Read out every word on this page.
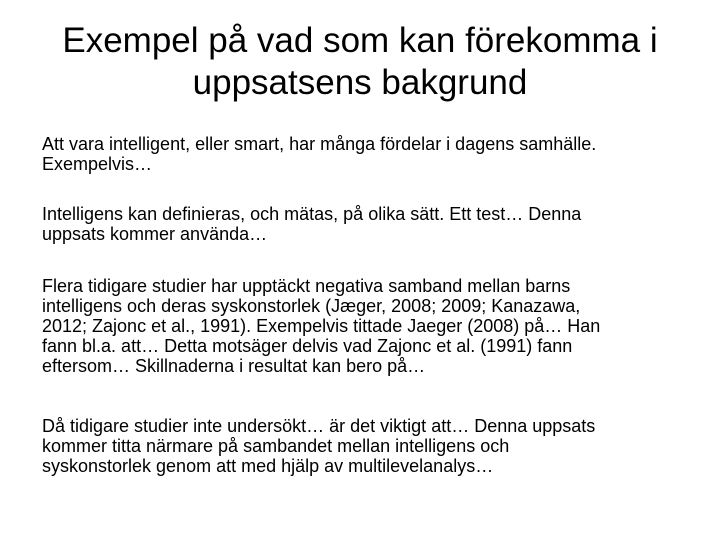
Exempel på vad som kan förekomma i
uppsatsens bakgrund

Att vara intelligent, eller smart, har många fördelar i dagens samhälle.
Exempelvis…

Intelligens kan definieras, och mätas, på olika sätt. Ett test… Denna
uppsats kommer använda…

Flera tidigare studier har upptäckt negativa samband mellan barns
intelligens och deras syskonstorlek (Jæger, 2008; 2009; Kanazawa,
2012; Zajonc et al., 1991). Exempelvis tittade Jaeger (2008) på… Han
fann bl.a. att… Detta motsäger delvis vad Zajonc et al. (1991) fann
eftersom… Skillnaderna i resultat kan bero på…

Då tidigare studier inte undersökt… är det viktigt att… Denna uppsats
kommer titta närmare på sambandet mellan intelligens och
syskonstorlek genom att med hjälp av multilevelanalys…
